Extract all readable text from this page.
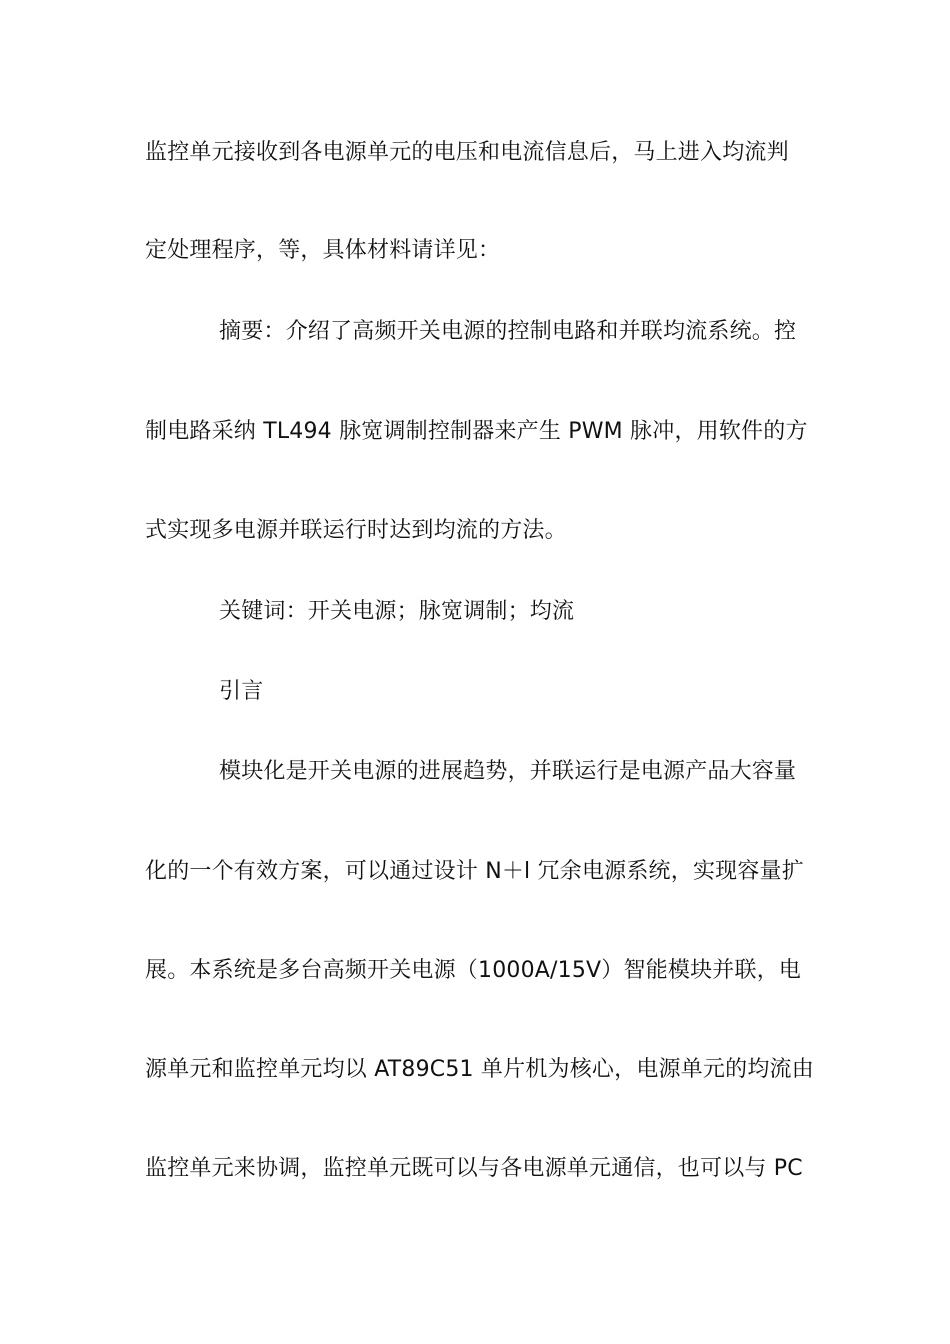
监控单元接收到各电源单元的电压和电流信息后，马上进入均流判
定处理程序，等，具体材料请详见：
摘要：介绍了高频开关电源的控制电路和并联均流系统。控
制电路采纳 TL494 脉宽调制控制器来产生 PWM 脉冲，用软件的方
式实现多电源并联运行时达到均流的方法。
关键词：开关电源；脉宽调制；均流
引言
模块化是开关电源的进展趋势，并联运行是电源产品大容量
化的一个有效方案，可以通过设计 N＋l 冗余电源系统，实现容量扩
展。本系统是多台高频开关电源（1000A/15V）智能模块并联，电
源单元和监控单元均以 AT89C51 单片机为核心，电源单元的均流由
监控单元来协调，监控单元既可以与各电源单元通信，也可以与 PC
